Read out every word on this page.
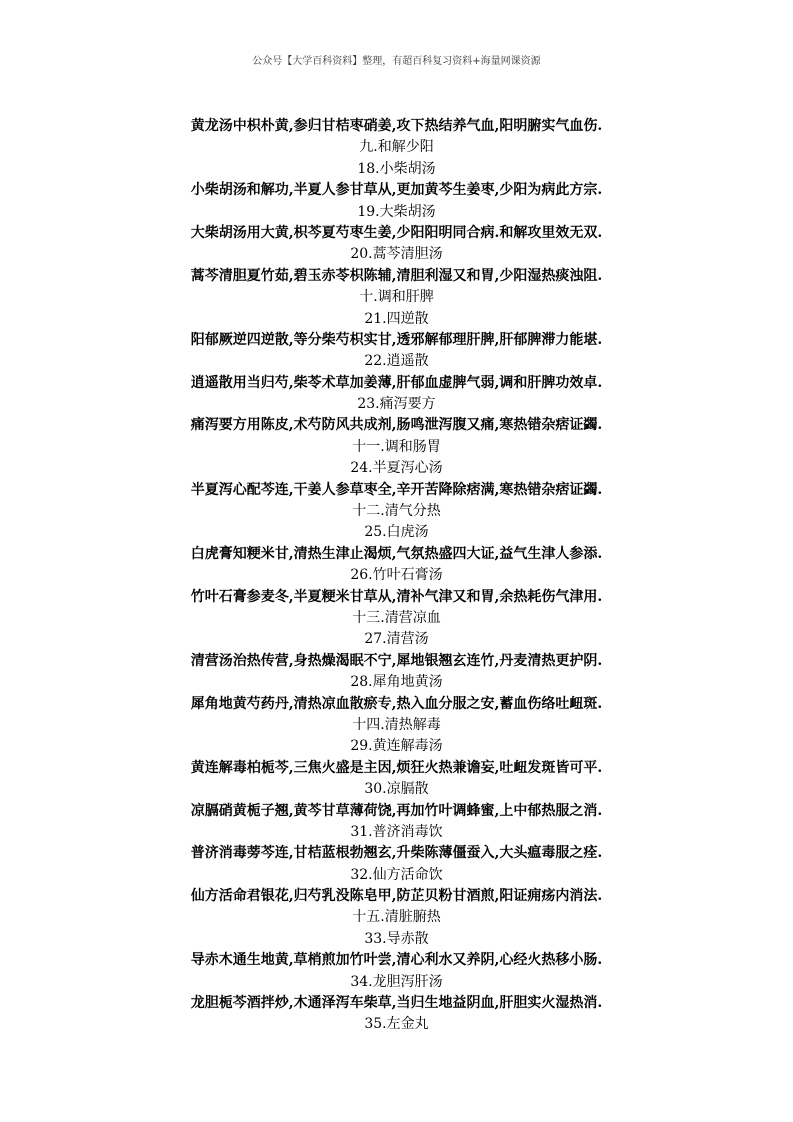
公众号【大学百科资料】整理，有超百科复习资料+海量网课资源
黄龙汤中枳朴黄,参归甘桔枣硝姜,攻下热结养气血,阳明腑实气血伤.
九.和解少阳
18.小柴胡汤
小柴胡汤和解功,半夏人参甘草从,更加黄芩生姜枣,少阳为病此方宗.
19.大柴胡汤
大柴胡汤用大黄,枳芩夏芍枣生姜,少阳阳明同合病.和解攻里效无双.
20.蒿芩清胆汤
蒿芩清胆夏竹茹,碧玉赤苓枳陈辅,清胆利湿又和胃,少阳湿热痰浊阻.
十.调和肝脾
21.四逆散
阳郁厥逆四逆散,等分柴芍枳实甘,透邪解郁理肝脾,肝郁脾滞力能堪.
22.逍遥散
逍遥散用当归芍,柴苓术草加姜薄,肝郁血虚脾气弱,调和肝脾功效卓.
23.痛泻要方
痛泻要方用陈皮,术芍防风共成剂,肠鸣泄泻腹又痛,寒热错杂痞证蠲.
十一.调和肠胃
24.半夏泻心汤
半夏泻心配芩连,干姜人参草枣全,辛开苦降除痞满,寒热错杂痞证蠲.
十二.清气分热
25.白虎汤
白虎膏知粳米甘,清热生津止渴烦,气氛热盛四大证,益气生津人参添.
26.竹叶石膏汤
竹叶石膏参麦冬,半夏粳米甘草从,清补气津又和胃,余热耗伤气津用.
十三.清营凉血
27.清营汤
清营汤治热传营,身热燥渴眠不宁,犀地银翘玄连竹,丹麦清热更护阴.
28.犀角地黄汤
犀角地黄芍药丹,清热凉血散瘀专,热入血分服之安,蓄血伤络吐衄斑.
十四.清热解毒
29.黄连解毒汤
黄连解毒柏栀芩,三焦火盛是主因,烦狂火热兼谵妄,吐衄发斑皆可平.
30.凉膈散
凉膈硝黄栀子翘,黄芩甘草薄荷饶,再加竹叶调蜂蜜,上中郁热服之消.
31.普济消毒饮
普济消毒蒡芩连,甘桔蓝根勃翘玄,升柴陈薄僵蚕入,大头瘟毒服之痊.
32.仙方活命饮
仙方活命君银花,归芍乳没陈皂甲,防芷贝粉甘酒煎,阳证痈疡内消法.
十五.清脏腑热
33.导赤散
导赤木通生地黄,草梢煎加竹叶尝,清心利水又养阴,心经火热移小肠.
34.龙胆泻肝汤
龙胆栀芩酒拌炒,木通泽泻车柴草,当归生地益阴血,肝胆实火湿热消.
35.左金丸
